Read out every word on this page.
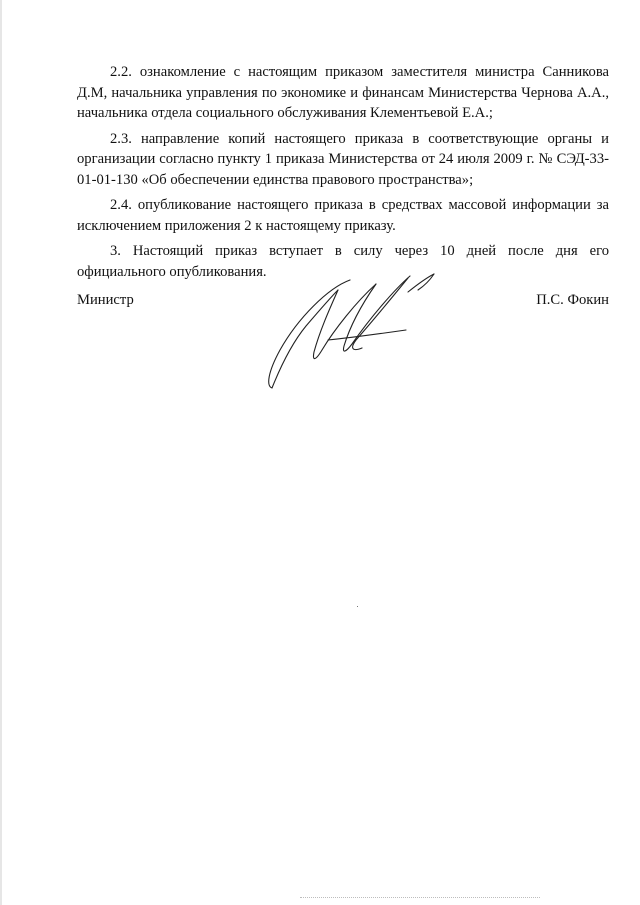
2.2. ознакомление с настоящим приказом заместителя министра Санникова Д.М, начальника управления по экономике и финансам Министерства Чернова А.А., начальника отдела социального обслуживания Клементьевой Е.А.;

2.3. направление копий настоящего приказа в соответствующие органы и организации согласно пункту 1 приказа Министерства от 24 июля 2009 г. № СЭД-33-01-01-130 «Об обеспечении единства правового пространства»;

2.4. опубликование настоящего приказа в средствах массовой информации за исключением приложения 2 к настоящему приказу.

3. Настоящий приказ вступает в силу через 10 дней после дня его официального опубликования.

Министр	П.С. Фокин
